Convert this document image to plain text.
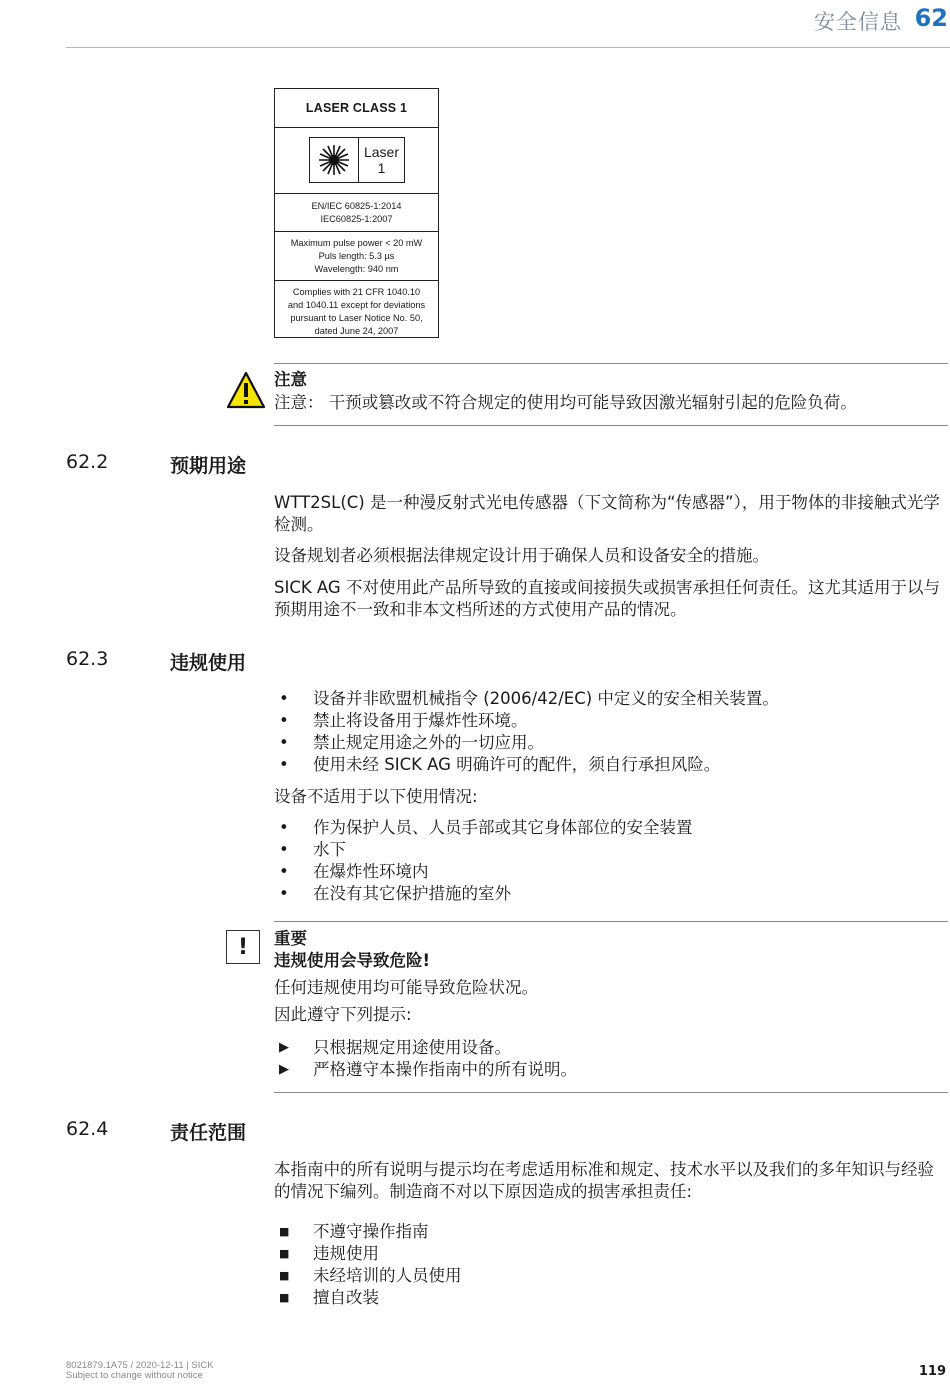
安全信息 62
LASER CLASS 1
Laser
1
EN/IEC 60825-1:2014
IEC60825-1:2007
Maximum pulse power < 20 mW
Puls length: 5.3 µs
Wavelength: 940 nm
Complies with 21 CFR 1040.10
and 1040.11 except for deviations
pursuant to Laser Notice No. 50,
dated June 24, 2007
注意
注意： 干预或篡改或不符合规定的使用均可能导致因激光辐射引起的危险负荷。
62.2	预期用途
WTT2SL(C) 是一种漫反射式光电传感器（下文简称为“传感器”），用于物体的非接触式光学检测。
设备规划者必须根据法律规定设计用于确保人员和设备安全的措施。
SICK AG 不对使用此产品所导致的直接或间接损失或损害承担任何责任。这尤其适用于以与预期用途不一致和非本文档所述的方式使用产品的情况。
62.3	违规使用
• 设备并非欧盟机械指令 (2006/42/EC) 中定义的安全相关装置。
• 禁止将设备用于爆炸性环境。
• 禁止规定用途之外的一切应用。
• 使用未经 SICK AG 明确许可的配件，须自行承担风险。
设备不适用于以下使用情况:
• 作为保护人员、人员手部或其它身体部位的安全装置
• 水下
• 在爆炸性环境内
• 在没有其它保护措施的室外
!	重要
违规使用会导致危险!
任何违规使用均可能导致危险状况。
因此遵守下列提示:
▶ 只根据规定用途使用设备。
▶ 严格遵守本操作指南中的所有说明。
62.4	责任范围
本指南中的所有说明与提示均在考虑适用标准和规定、技术水平以及我们的多年知识与经验的情况下编列。制造商不对以下原因造成的损害承担责任:
■ 不遵守操作指南
■ 违规使用
■ 未经培训的人员使用
■ 擅自改装
8021879.1A75 / 2020-12-11 | SICK
Subject to change without notice	119
